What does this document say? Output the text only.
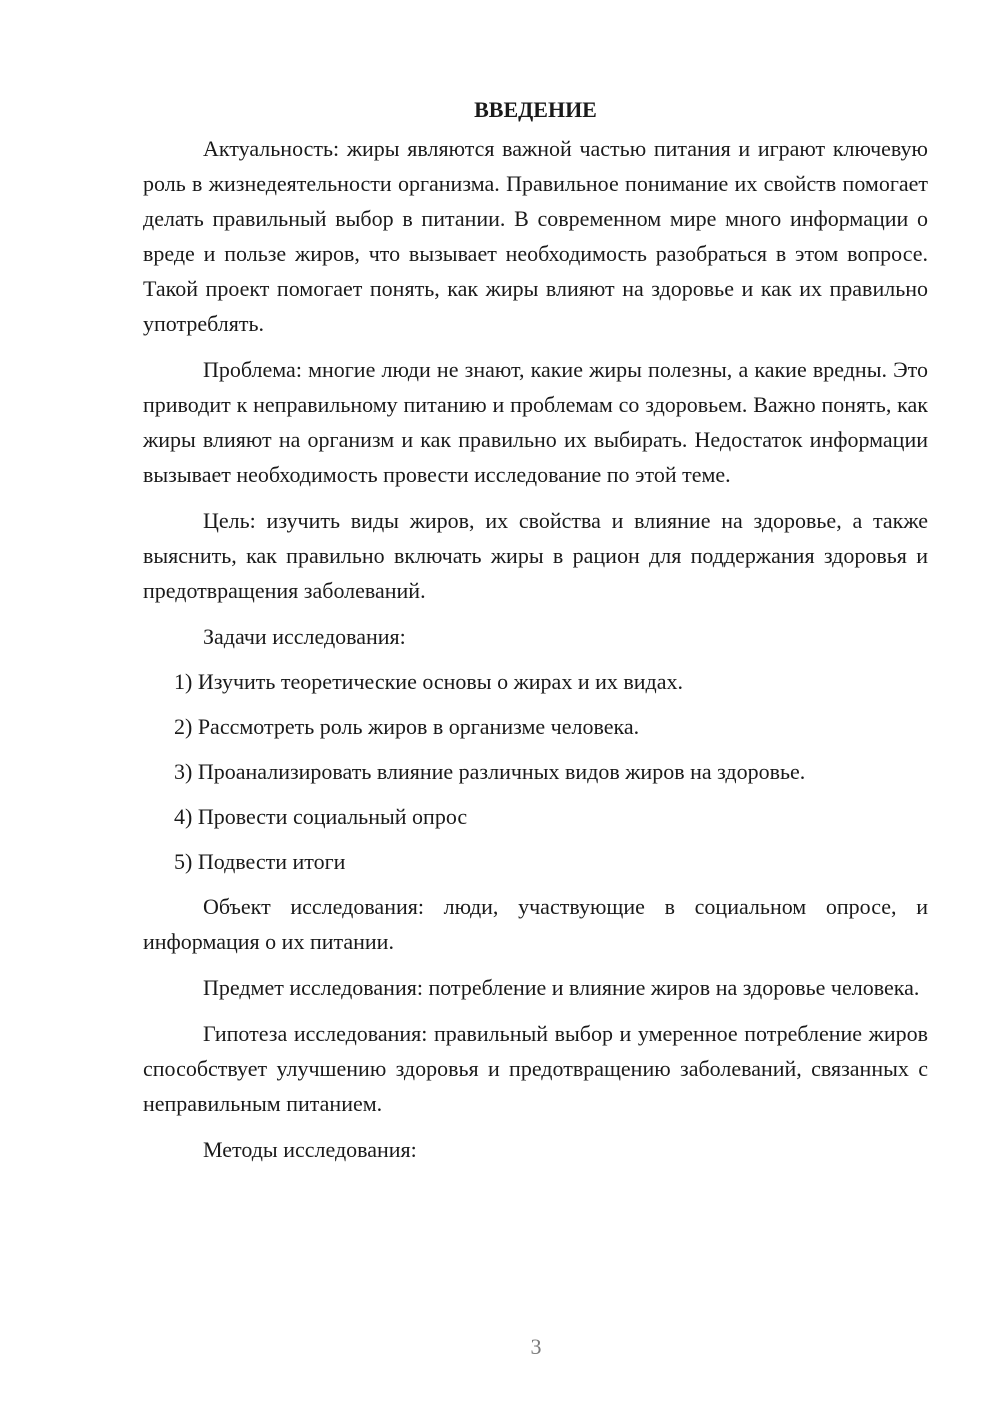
ВВЕДЕНИЕ

Актуальность: жиры являются важной частью питания и играют ключевую роль в жизнедеятельности организма. Правильное понимание их свойств помогает делать правильный выбор в питании. В современном мире много информации о вреде и пользе жиров, что вызывает необходимость разобраться в этом вопросе. Такой проект помогает понять, как жиры влияют на здоровье и как их правильно употреблять.

Проблема: многие люди не знают, какие жиры полезны, а какие вредны. Это приводит к неправильному питанию и проблемам со здоровьем. Важно понять, как жиры влияют на организм и как правильно их выбирать. Недостаток информации вызывает необходимость провести исследование по этой теме.

Цель: изучить виды жиров, их свойства и влияние на здоровье, а также выяснить, как правильно включать жиры в рацион для поддержания здоровья и предотвращения заболеваний.

Задачи исследования:

1) Изучить теоретические основы о жирах и их видах.

2) Рассмотреть роль жиров в организме человека.

3) Проанализировать влияние различных видов жиров на здоровье.

4) Провести социальный опрос

5) Подвести итоги

Объект исследования: люди, участвующие в социальном опросе, и информация о их питании.

Предмет исследования: потребление и влияние жиров на здоровье человека.

Гипотеза исследования: правильный выбор и умеренное потребление жиров способствует улучшению здоровья и предотвращению заболеваний, связанных с неправильным питанием.

Методы исследования:

3
